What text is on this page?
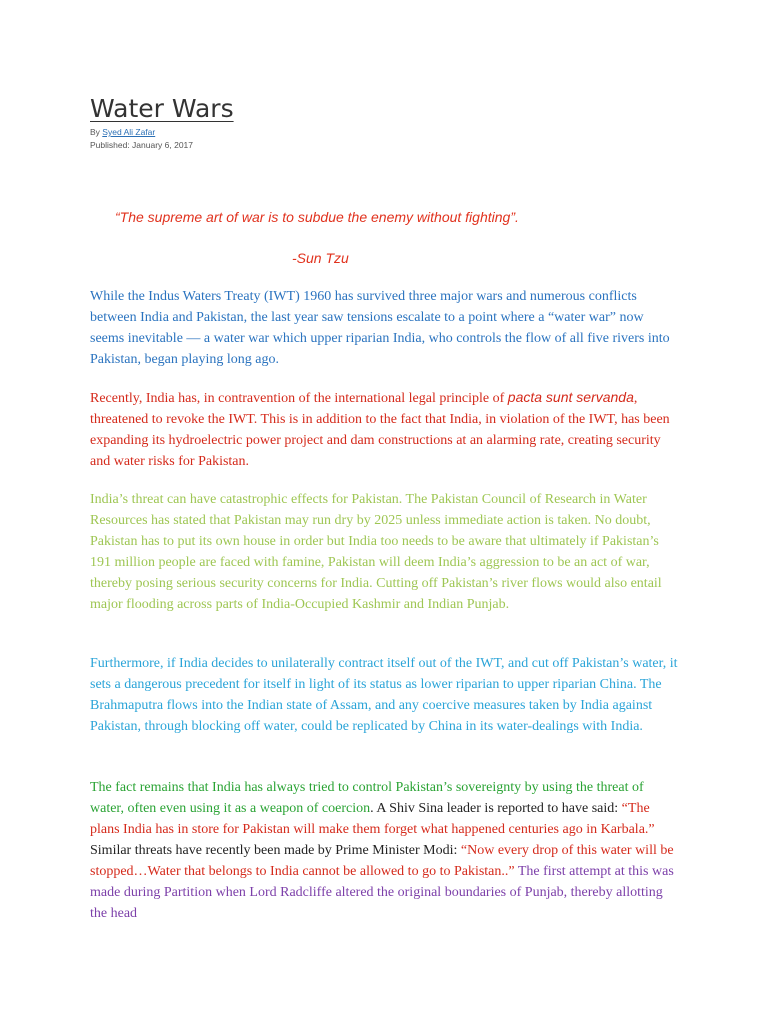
Water Wars
By Syed Ali Zafar
Published: January 6, 2017

“The supreme art of war is to subdue the enemy without fighting”.

-Sun Tzu

While the Indus Waters Treaty (IWT) 1960 has survived three major wars and numerous conflicts between India and Pakistan, the last year saw tensions escalate to a point where a “water war” now seems inevitable — a water war which upper riparian India, who controls the flow of all five rivers into Pakistan, began playing long ago.

Recently, India has, in contravention of the international legal principle of pacta sunt servanda, threatened to revoke the IWT. This is in addition to the fact that India, in violation of the IWT, has been expanding its hydroelectric power project and dam constructions at an alarming rate, creating security and water risks for Pakistan.

India’s threat can have catastrophic effects for Pakistan. The Pakistan Council of Research in Water Resources has stated that Pakistan may run dry by 2025 unless immediate action is taken. No doubt, Pakistan has to put its own house in order but India too needs to be aware that ultimately if Pakistan’s 191 million people are faced with famine, Pakistan will deem India’s aggression to be an act of war, thereby posing serious security concerns for India. Cutting off Pakistan’s river flows would also entail major flooding across parts of India-Occupied Kashmir and Indian Punjab.

Furthermore, if India decides to unilaterally contract itself out of the IWT, and cut off Pakistan’s water, it sets a dangerous precedent for itself in light of its status as lower riparian to upper riparian China. The Brahmaputra flows into the Indian state of Assam, and any coercive measures taken by India against Pakistan, through blocking off water, could be replicated by China in its water-dealings with India.

The fact remains that India has always tried to control Pakistan’s sovereignty by using the threat of water, often even using it as a weapon of coercion. A Shiv Sina leader is reported to have said: “The plans India has in store for Pakistan will make them forget what happened centuries ago in Karbala.” Similar threats have recently been made by Prime Minister Modi: “Now every drop of this water will be stopped…Water that belongs to India cannot be allowed to go to Pakistan..” The first attempt at this was made during Partition when Lord Radcliffe altered the original boundaries of Punjab, thereby allotting the head
